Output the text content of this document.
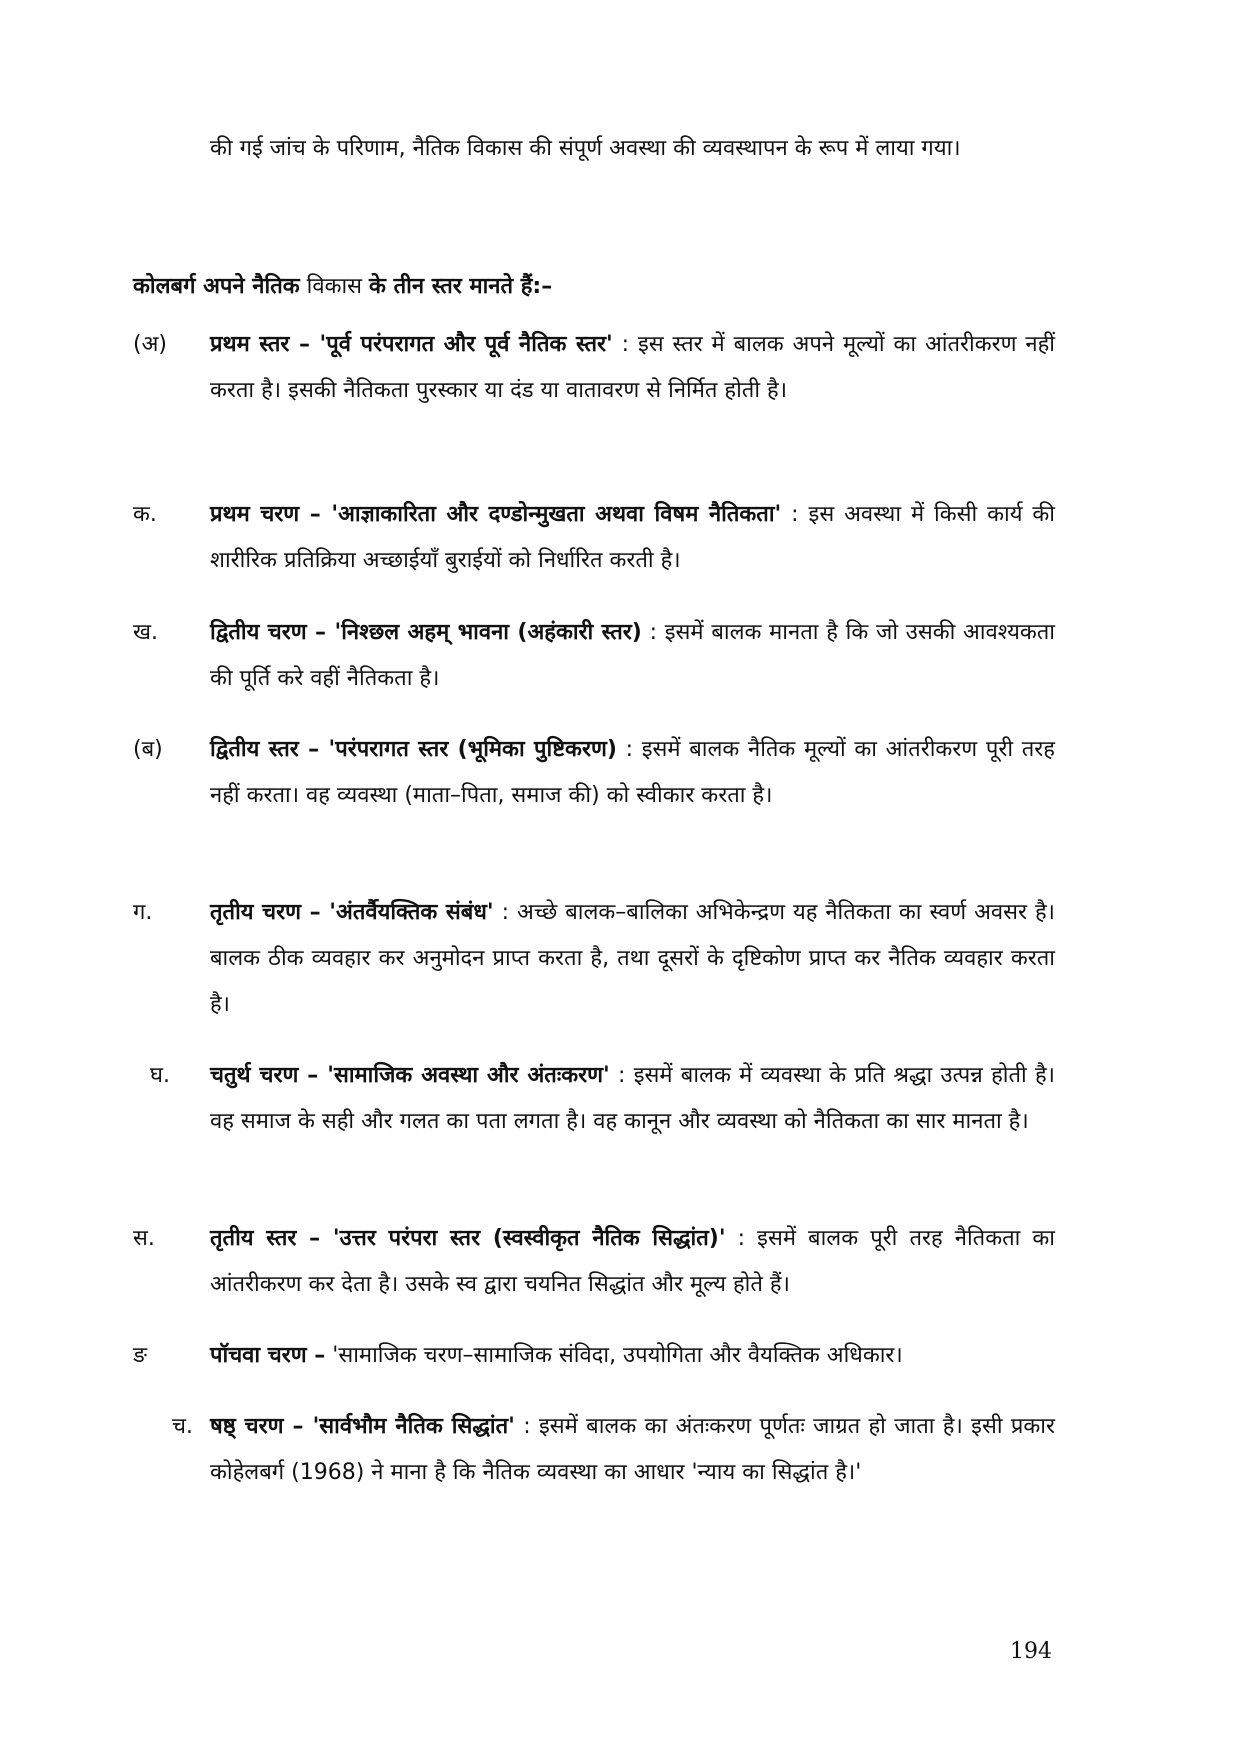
की गई जांच के परिणाम, नैतिक विकास की संपूर्ण अवस्था की व्यवस्थापन के रूप में लाया गया।

कोलबर्ग अपने नैतिक विकास के तीन स्तर मानते हैं:–

(अ) प्रथम स्तर – 'पूर्व परंपरागत और पूर्व नैतिक स्तर' : इस स्तर में बालक अपने मूल्यों का आंतरीकरण नहीं करता है। इसकी नैतिकता पुरस्कार या दंड या वातावरण से निर्मित होती है।

क. प्रथम चरण – 'आज्ञाकारिता और दण्डोन्मुखता अथवा विषम नैतिकता' : इस अवस्था में किसी कार्य की शारीरिक प्रतिक्रिया अच्छाईयाँ बुराईयों को निर्धारित करती है।

ख. द्वितीय चरण – 'निश्छल अहम् भावना (अहंकारी स्तर) : इसमें बालक मानता है कि जो उसकी आवश्यकता की पूर्ति करे वहीं नैतिकता है।

(ब) द्वितीय स्तर – 'परंपरागत स्तर (भूमिका पुष्टिकरण) : इसमें बालक नैतिक मूल्यों का आंतरीकरण पूरी तरह नहीं करता। वह व्यवस्था (माता–पिता, समाज की) को स्वीकार करता है।

ग.	तृतीय चरण – 'अंतर्वैयक्तिक संबंध' : अच्छे बालक–बालिका अभिकेन्द्रण यह नैतिकता का स्वर्ण अवसर है। बालक ठीक व्यवहार कर अनुमोदन प्राप्त करता है, तथा दूसरों के दृष्टिकोण प्राप्त कर नैतिक व्यवहार करता है।

घ. चतुर्थ चरण – 'सामाजिक अवस्था और अंतःकरण' : इसमें बालक में व्यवस्था के प्रति श्रद्धा उत्पन्न होती है। वह समाज के सही और गलत का पता लगता है। वह कानून और व्यवस्था को नैतिकता का सार मानता है।

स.	तृतीय स्तर – 'उत्तर परंपरा स्तर (स्वस्वीकृत नैतिक सिद्धांत)' : इसमें बालक पूरी तरह नैतिकता का आंतरीकरण कर देता है। उसके स्व द्वारा चयनित सिद्धांत और मूल्य होते हैं।

ङ	पॉचवा चरण – 'सामाजिक चरण–सामाजिक संविदा, उपयोगिता और वैयक्तिक अधिकार।

च. षष्ठ् चरण – 'सार्वभौम नैतिक सिद्धांत' : इसमें बालक का अंतःकरण पूर्णतः जाग्रत हो जाता है। इसी प्रकार कोहेलबर्ग (1968) ने माना है कि नैतिक व्यवस्था का आधार 'न्याय का सिद्धांत है।'

194
